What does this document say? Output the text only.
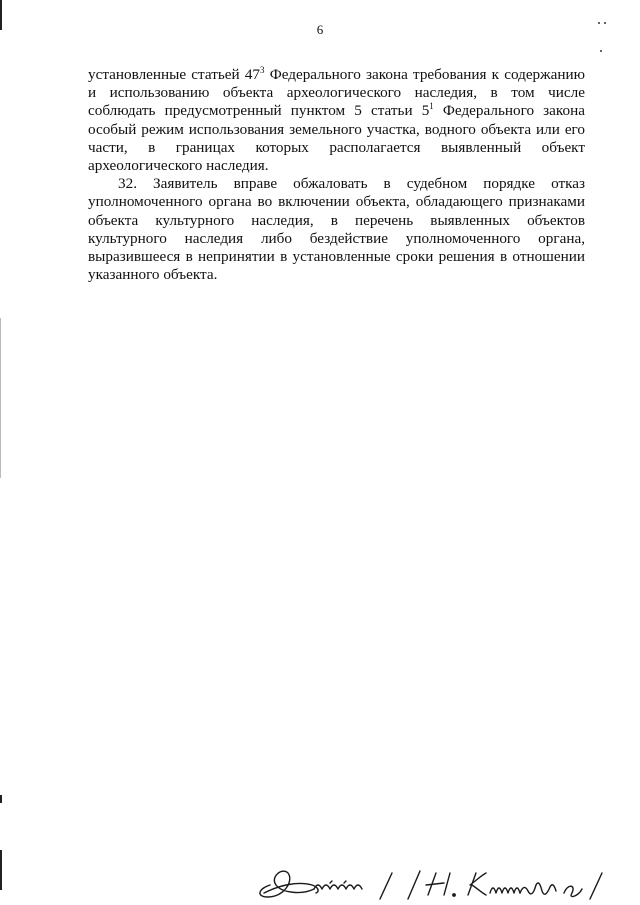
6

установленные статьей $47^3$ Федерального закона требования к содержанию и использованию объекта археологического наследия, в том числе соблюдать предусмотренный пунктом 5 статьи $5^1$ Федерального закона особый режим использования земельного участка, водного объекта или его части, в границах которых располагается выявленный объект археологического наследия.

32. Заявитель вправе обжаловать в судебном порядке отказ уполномоченного органа во включении объекта, обладающего признаками объекта культурного наследия, в перечень выявленных объектов культурного наследия либо бездействие уполномоченного органа, выразившееся в непринятии в установленные сроки решения в отношении указанного объекта.
